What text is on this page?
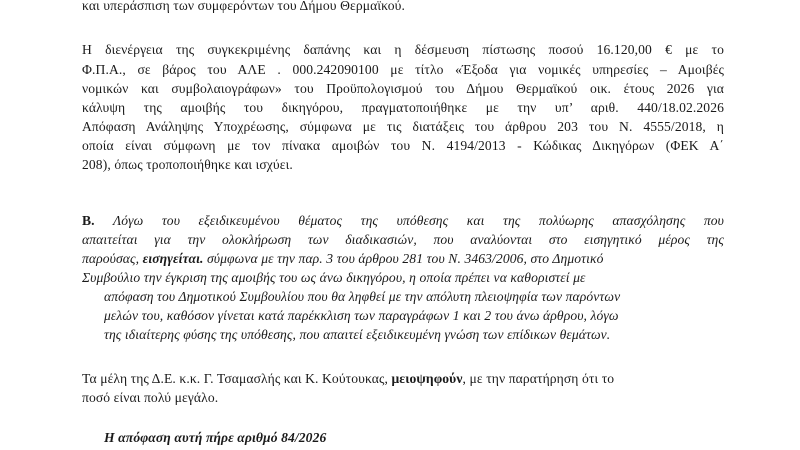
και υπεράσπιση των συμφερόντων του Δήμου Θερμαϊκού.
Η διενέργεια της συγκεκριμένης δαπάνης και η δέσμευση πίστωσης ποσού 16.120,00 € με το
Φ.Π.Α., σε βάρος του ΑΛΕ . 000.242090100 με τίτλο «Έξοδα για νομικές υπηρεσίες – Αμοιβές
νομικών και συμβολαιογράφων» του Προϋπολογισμού του Δήμου Θερμαϊκού οικ. έτους 2026 για
κάλυψη της αμοιβής του δικηγόρου, πραγματοποιήθηκε με την υπ’ αριθ. 440/18.02.2026
Απόφαση Ανάληψης Υποχρέωσης, σύμφωνα με τις διατάξεις του άρθρου 203 του Ν. 4555/2018, η
οποία είναι σύμφωνη με τον πίνακα αμοιβών του Ν. 4194/2013 - Κώδικας Δικηγόρων (ΦΕΚ Α΄
208), όπως τροποποιήθηκε και ισχύει.
Β. Λόγω του εξειδικευμένου θέματος της υπόθεσης και της πολύωρης απασχόλησης που
απαιτείται για την ολοκλήρωση των διαδικασιών, που αναλύονται στο εισηγητικό μέρος της
παρούσας, εισηγείται. σύμφωνα με την παρ. 3 του άρθρου 281 του Ν. 3463/2006, στο Δημοτικό
Συμβούλιο την έγκριση της αμοιβής του ως άνω δικηγόρου, η οποία πρέπει να καθοριστεί με
απόφαση του Δημοτικού Συμβουλίου που θα ληφθεί με την απόλυτη πλειοψηφία των παρόντων
μελών του, καθόσον γίνεται κατά παρέκκλιση των παραγράφων 1 και 2 του άνω άρθρου, λόγω
της ιδιαίτερης φύσης της υπόθεσης, που απαιτεί εξειδικευμένη γνώση των επίδικων θεμάτων.
Τα μέλη της Δ.Ε. κ.κ. Γ. Τσαμασλής και Κ. Κούτουκας, μειοψηφούν, με την παρατήρηση ότι το
ποσό είναι πολύ μεγάλο.
Η απόφαση αυτή πήρε αριθμό 84/2026
